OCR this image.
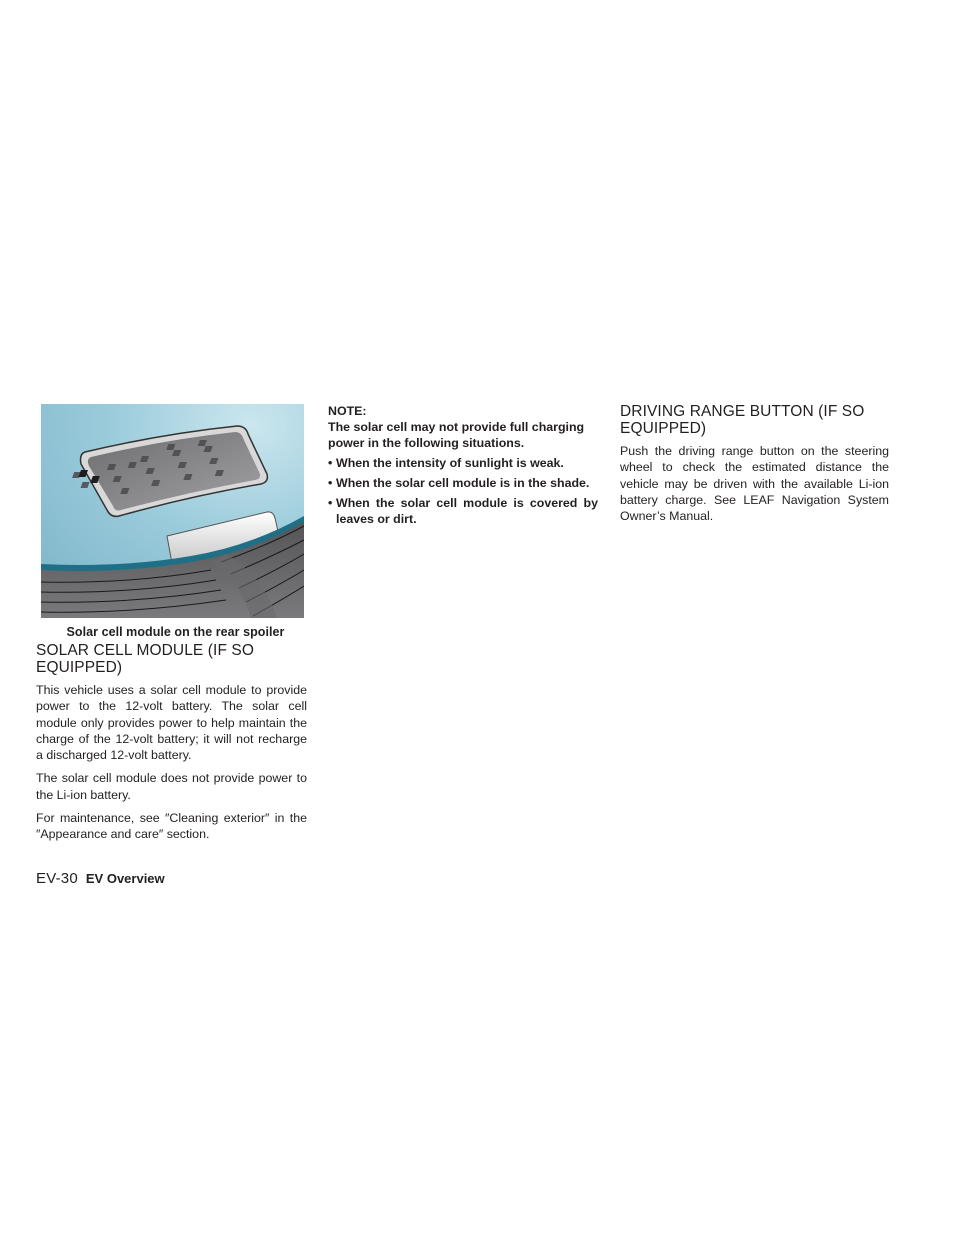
Solar cell module on the rear spoiler
SOLAR CELL MODULE (IF SO EQUIPPED)

This vehicle uses a solar cell module to provide power to the 12-volt battery. The solar cell module only provides power to help maintain the charge of the 12-volt battery; it will not recharge a discharged 12-volt battery.

The solar cell module does not provide power to the Li-ion battery.

For maintenance, see ″Cleaning exterior″ in the ″Appearance and care″ section.

NOTE:
The solar cell may not provide full charging power in the following situations.
• When the intensity of sunlight is weak.
• When the solar cell module is in the shade.
• When the solar cell module is covered by leaves or dirt.
DRIVING RANGE BUTTON (IF SO EQUIPPED)

Push the driving range button on the steering wheel to check the estimated distance the vehicle may be driven with the available Li-ion battery charge. See LEAF Navigation System Owner’s Manual.

EV-30 EV Overview
